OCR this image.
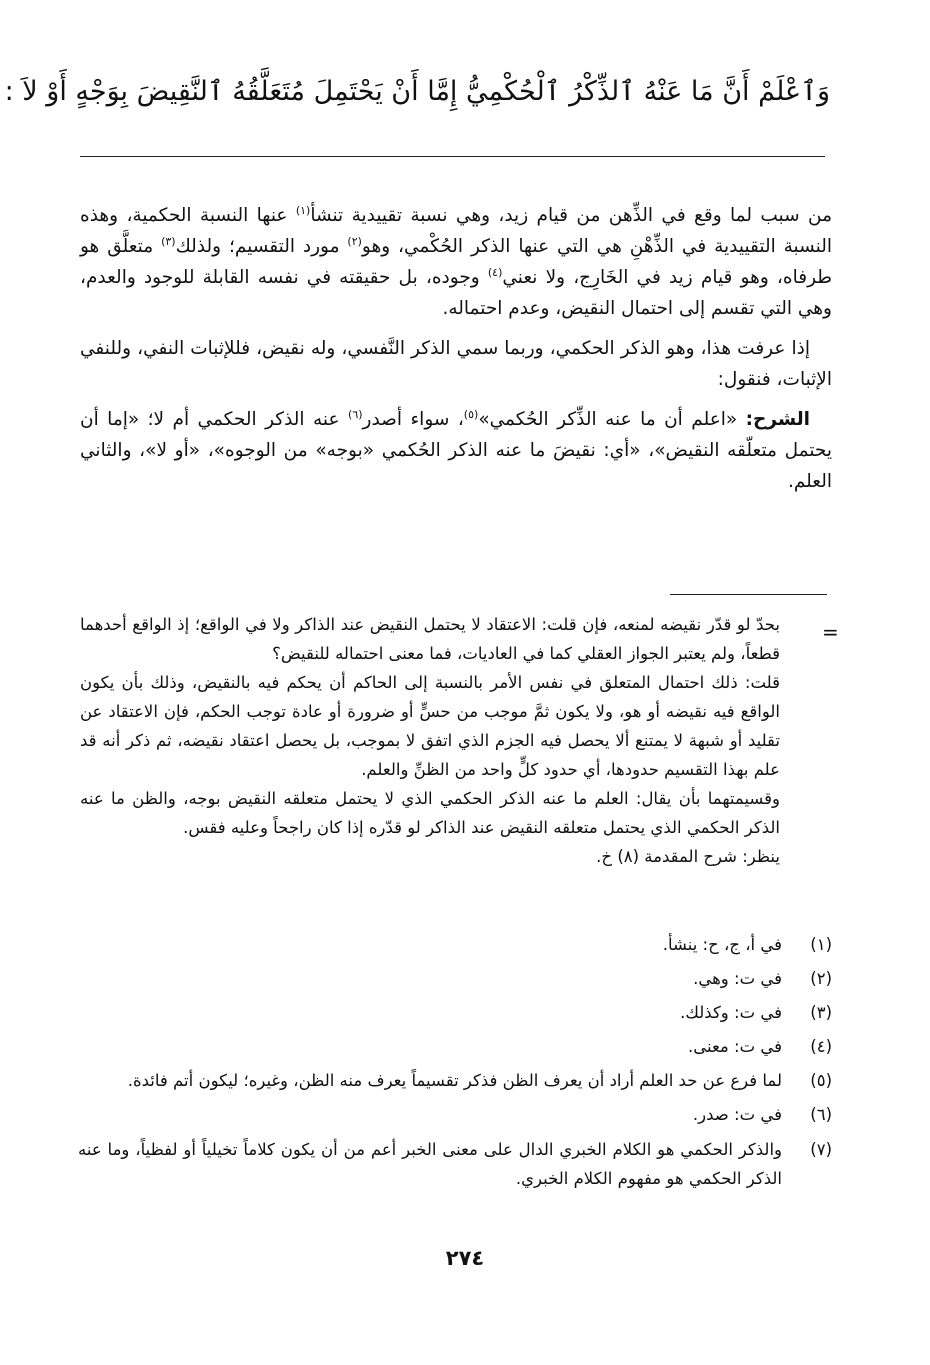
وَٱعْلَمْ أَنَّ مَا عَنْهُ ٱلذِّكْرُ ٱلْحُكْمِيُّ إِمَّا أَنْ يَحْتَمِلَ مُتَعَلَّقُهُ ٱلنَّقِيضَ بِوَجْهٍ أَوْ لاَ :

من سبب لما وقع في الذِّهن من قيام زيد، وهي نسبة تقييدية تنشأ$^{(١)}$ عنها النسبة الحكمية، وهذه النسبة التقييدية في الذِّهْنِ هي التي عنها الذكر الحُكْمي، وهو$^{(٢)}$ مورد التقسيم؛ ولذلك$^{(٣)}$ متعلَّق هو طرفاه، وهو قيام زيد في الخَارِج، ولا نعني$^{(٤)}$ وجوده، بل حقيقته في نفسه القابلة للوجود والعدم، وهي التي تقسم إلى احتمال النقيض، وعدم احتماله.

إذا عرفت هذا، وهو الذكر الحكمي، وربما سمي الذكر النَّفسي، وله نقيض، فللإثبات النفي، وللنفي الإثبات، فنقول:

الشرح: «اعلم أن ما عنه الذِّكر الحُكمي»$^{(٥)}$، سواء أصدر$^{(٦)}$ عنه الذكر الحكمي أم لا؛ «إما أن يحتمل متعلّقه النقيض»، «أي: نقيضَ ما عنه الذكر الحُكمي «بوجه» من الوجوه»، «أو لا»، والثاني العلم.

=

بحدّ لو قدّر نقيضه لمنعه، فإن قلت: الاعتقاد لا يحتمل النقيض عند الذاكر ولا في الواقع؛ إذ الواقع أحدهما قطعاً، ولم يعتبر الجواز العقلي كما في العاديات، فما معنى احتماله للنقيض؟

قلت: ذلك احتمال المتعلق في نفس الأمر بالنسبة إلى الحاكم أن يحكم فيه بالنقيض، وذلك بأن يكون الواقع فيه نقيضه أو هو، ولا يكون ثمَّ موجب من حسٍّ أو ضرورة أو عادة توجب الحكم، فإن الاعتقاد عن تقليد أو شبهة لا يمتنع ألا يحصل فيه الجزم الذي اتفق لا بموجب، بل يحصل اعتقاد نقيضه، ثم ذكر أنه قد علم بهذا التقسيم حدودها، أي حدود كلٍّ واحد من الظنِّ والعلم.

وقسيمتهما بأن يقال: العلم ما عنه الذكر الحكمي الذي لا يحتمل متعلقه النقيض بوجه، والظن ما عنه الذكر الحكمي الذي يحتمل متعلقه النقيض عند الذاكر لو قدّره إذا كان راجحاً وعليه فقس.

ينظر: شرح المقدمة (٨) خ.

(١)
في أ، ج، ح: ينشأ.
(٢)
في ت: وهي.
(٣)
في ت: وكذلك.
(٤)
في ت: معنى.
(٥)
لما فرع عن حد العلم أراد أن يعرف الظن فذكر تقسيماً يعرف منه الظن، وغيره؛ ليكون أتم فائدة.
(٦)
في ت: صدر.
(٧)
والذكر الحكمي هو الكلام الخبري الدال على معنى الخبر أعم من أن يكون كلاماً تخيلياً أو لفظياً، وما عنه الذكر الحكمي هو مفهوم الكلام الخبري.
٢٧٤
